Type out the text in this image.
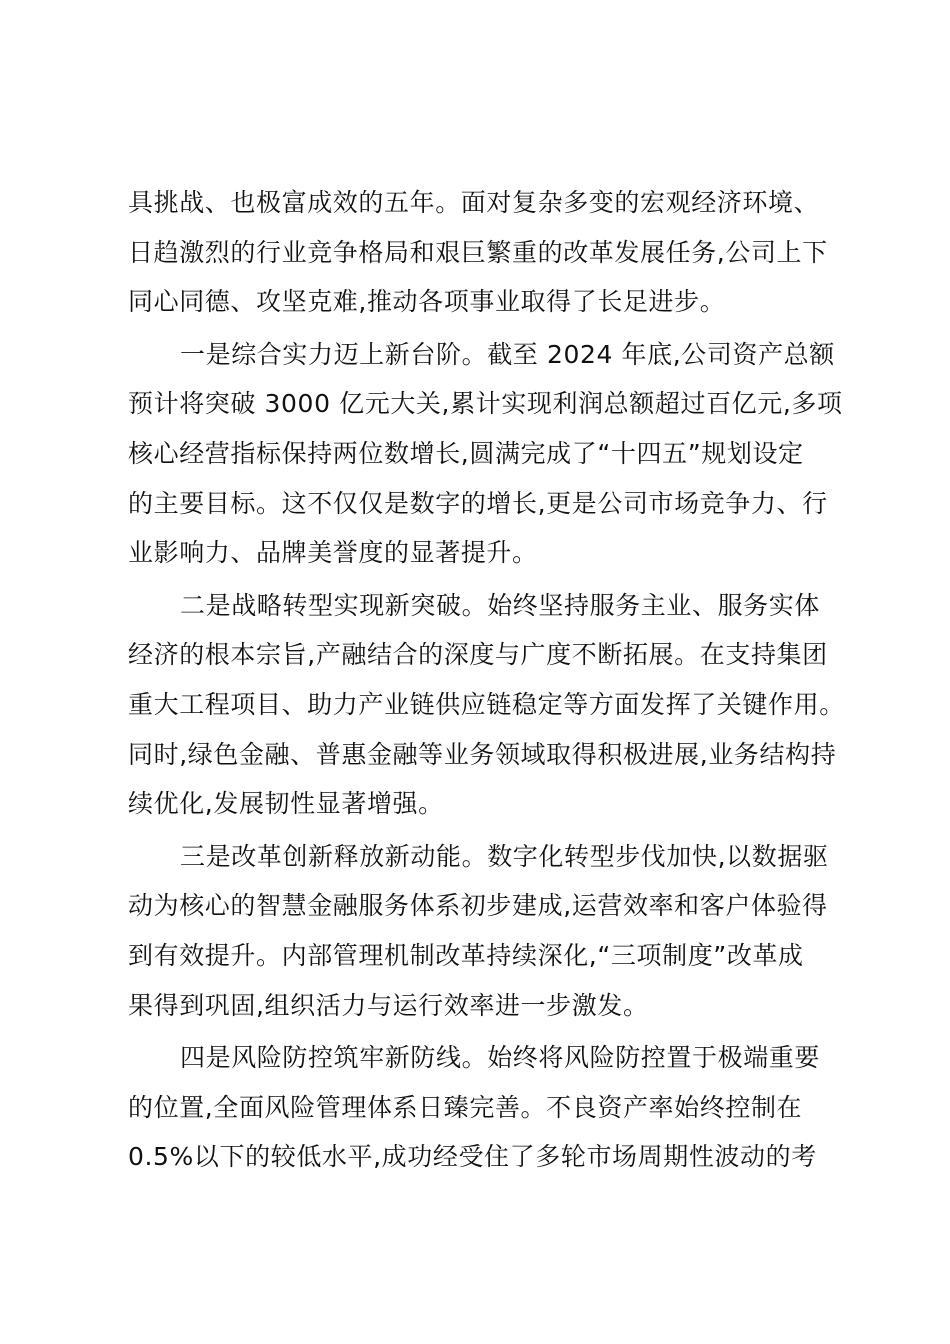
具挑战、也极富成效的五年。面对复杂多变的宏观经济环境、
日趋激烈的行业竞争格局和艰巨繁重的改革发展任务,公司上下
同心同德、攻坚克难,推动各项事业取得了长足进步。
一是综合实力迈上新台阶。截至 2024 年底,公司资产总额
预计将突破 3000 亿元大关,累计实现利润总额超过百亿元,多项
核心经营指标保持两位数增长,圆满完成了“十四五”规划设定
的主要目标。这不仅仅是数字的增长,更是公司市场竞争力、行
业影响力、品牌美誉度的显著提升。
二是战略转型实现新突破。始终坚持服务主业、服务实体
经济的根本宗旨,产融结合的深度与广度不断拓展。在支持集团
重大工程项目、助力产业链供应链稳定等方面发挥了关键作用。
同时,绿色金融、普惠金融等业务领域取得积极进展,业务结构持
续优化,发展韧性显著增强。
三是改革创新释放新动能。数字化转型步伐加快,以数据驱
动为核心的智慧金融服务体系初步建成,运营效率和客户体验得
到有效提升。内部管理机制改革持续深化,“三项制度”改革成
果得到巩固,组织活力与运行效率进一步激发。
四是风险防控筑牢新防线。始终将风险防控置于极端重要
的位置,全面风险管理体系日臻完善。不良资产率始终控制在
0.5%以下的较低水平,成功经受住了多轮市场周期性波动的考
